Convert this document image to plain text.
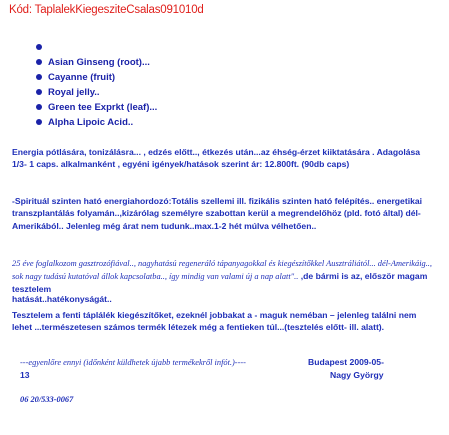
Kód: TaplalekKiegesziteCsalas091010d
Asian Ginseng (root)...
Cayanne (fruit)
Royal jelly..
Green tee Exprkt (leaf)...
Alpha Lipoic Acid..

Energia pótlására, tonizálásra... , edzés előtt.., étkezés után...az éhség-érzet kiiktatására . Adagolása 1/3- 1 caps. alkalmanként , egyéni igények/hatások szerint ár: 12.800ft. (90db caps)

-Spirituál szinten ható energiahordozó:Totális szellemi ill. fizikális szinten ható felépítés.. energetikai transzplantálás folyamán..,kizárólag személyre szabottan kerül a megrendelőhöz (pld. fotó által) dél-Amerikából.. Jelenleg még árat nem tudunk..max.1-2 hét múlva vélhetően..

25 éve foglalkozom gasztrozófiával.., nagyhatású regeneráló tápanyagokkal és kiegészítőkkel Ausztráliától... dél-Amerikáig.., sok nagy tudású kutatóval állok kapcsolatba.., így mindig van valami új a nap alatt".. ,de bármi is az, először magam tesztelem

hatását..hatékonyságát..

Tesztelem a fenti táplálék kiegészítőket, ezeknél jobbakat a - maguk neméban – jelenleg találni nem lehet ...természetesen számos termék létezek még a fentieken túl...(tesztelés előtt- ill. alatt).

---egyenlőre ennyi (időnként küldhetek újabb termékekről infót.)----	Budapest 2009-05-
13	Nagy György
06 20/533-0067
